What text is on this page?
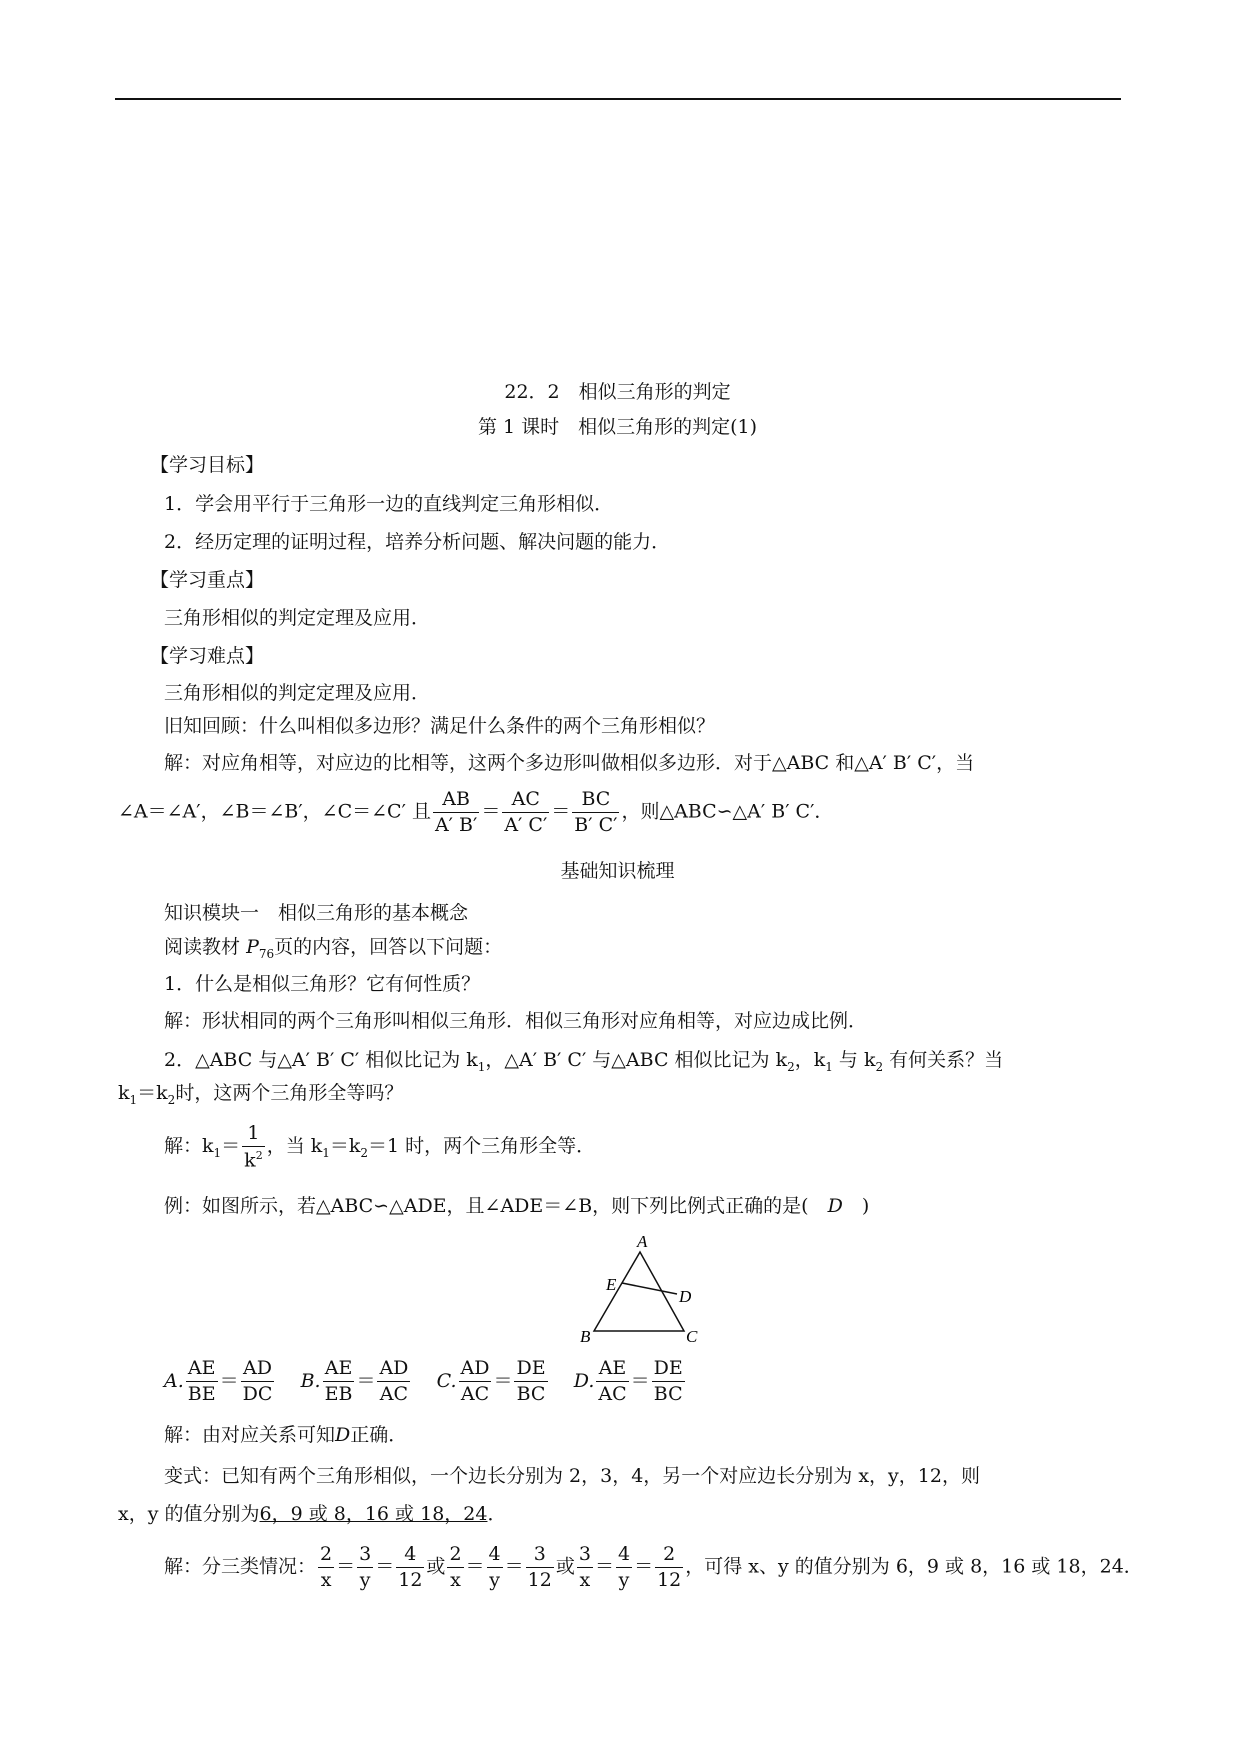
22．2　相似三角形的判定
第 1 课时　相似三角形的判定(1)
【学习目标】
1．学会用平行于三角形一边的直线判定三角形相似．
2．经历定理的证明过程，培养分析问题、解决问题的能力．
【学习重点】
三角形相似的判定定理及应用．
【学习难点】
三角形相似的判定定理及应用．
旧知回顾：什么叫相似多边形？满足什么条件的两个三角形相似？
解：对应角相等，对应边的比相等，这两个多边形叫做相似多边形．对于△ABC 和△A′ B′ C′，当
∠A＝∠A′，∠B＝∠B′，∠C＝∠C′ 且 $\frac{AB}{A' B'} = \frac{AC}{A' C'} = \frac{BC}{B' C'}$ ，则△ABC∽△A′ B′ C′．
基础知识梳理
知识模块一　相似三角形的基本概念
阅读教材 $P_{76}$页的内容，回答以下问题：
1．什么是相似三角形？它有何性质？
解：形状相同的两个三角形叫相似三角形．相似三角形对应角相等，对应边成比例．
2．△ABC 与△A′ B′ C′ 相似比记为 $k_1$，△A′ B′ C′ 与△ABC 相似比记为 $k_2$，$k_1$ 与 $k_2$ 有何关系？当
$k_1=k_2$时，这两个三角形全等吗？
解：$k_1= \frac{1}{k^2}$ ，当 $k_1=k_2=1$ 时，两个三角形全等．
例：如图所示，若△ABC∽△ADE，且∠ADE＝∠B，则下列比例式正确的是(　D　)
A
B	C
D
E
A. $\frac{AE}{BE} = \frac{AD}{DC} B$. $\frac{AE}{EB} = \frac{AD}{AC} C$. $\frac{AD}{AC} = \frac{DE}{BC} D$. $\frac{AE}{AC} = \frac{DE}{BC}$
解：由对应关系可知D正确．
变式：已知有两个三角形相似，一个边长分别为 2，3，4，另一个对应边长分别为 x，y，12，则
x，y 的值分别为6，9 或 8，16 或 18，24．
解：分三类情况： $\frac{2}{x} = \frac{3}{y} = \frac{4}{12}$ 或 $\frac{2}{x} = \frac{4}{y} = \frac{3}{12}$ 或 $\frac{3}{x} = \frac{4}{y} = \frac{2}{12}$ ，可得 x、y 的值分别为 6，9 或 8，16 或 18，24．
